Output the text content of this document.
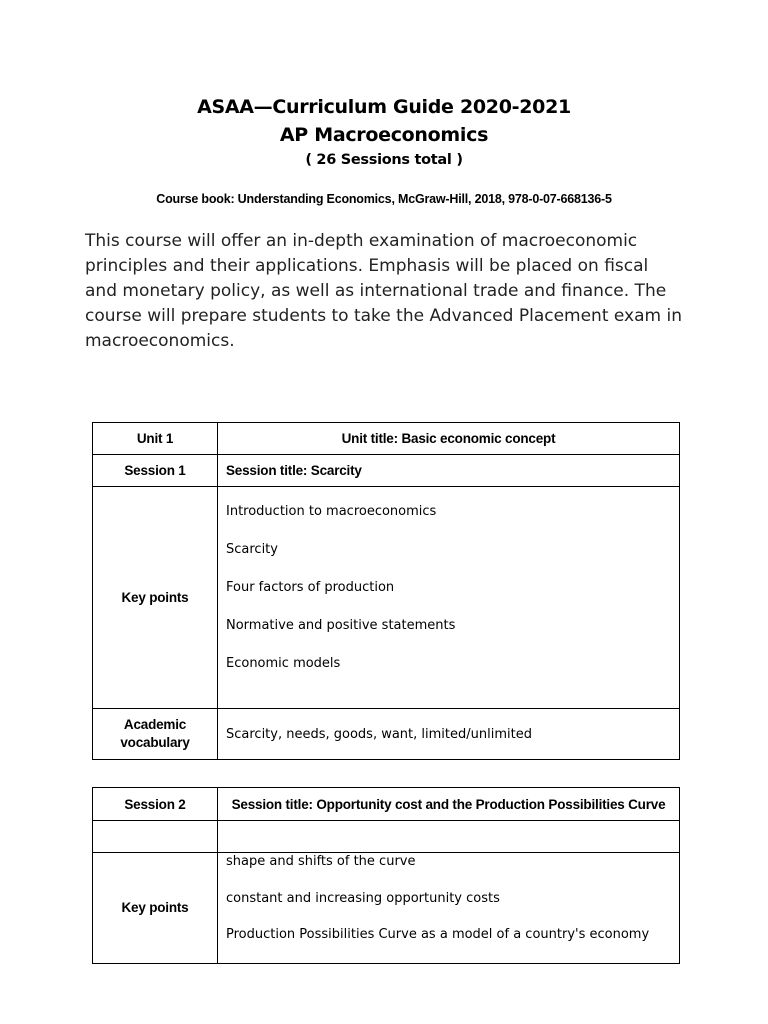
ASAA—Curriculum Guide 2020-2021
AP Macroeconomics
( 26 Sessions total )
Course book: Understanding Economics, McGraw-Hill, 2018, 978-0-07-668136-5
This course will offer an in-depth examination of macroeconomic principles and their applications. Emphasis will be placed on fiscal and monetary policy, as well as international trade and finance. The course will prepare students to take the Advanced Placement exam in macroeconomics.
Unit 1	Unit title: Basic economic concept
Session 1	Session title: Scarcity
Key points	Introduction to macroeconomics
Scarcity
Four factors of production
Normative and positive statements
Economic models

Academic vocabulary	Scarcity, needs, goods, want, limited/unlimited
Session 2	Session title: Opportunity cost and the Production Possibilities Curve

Key points	shape and shifts of the curve
constant and increasing opportunity costs
Production Possibilities Curve as a model of a country's economy
